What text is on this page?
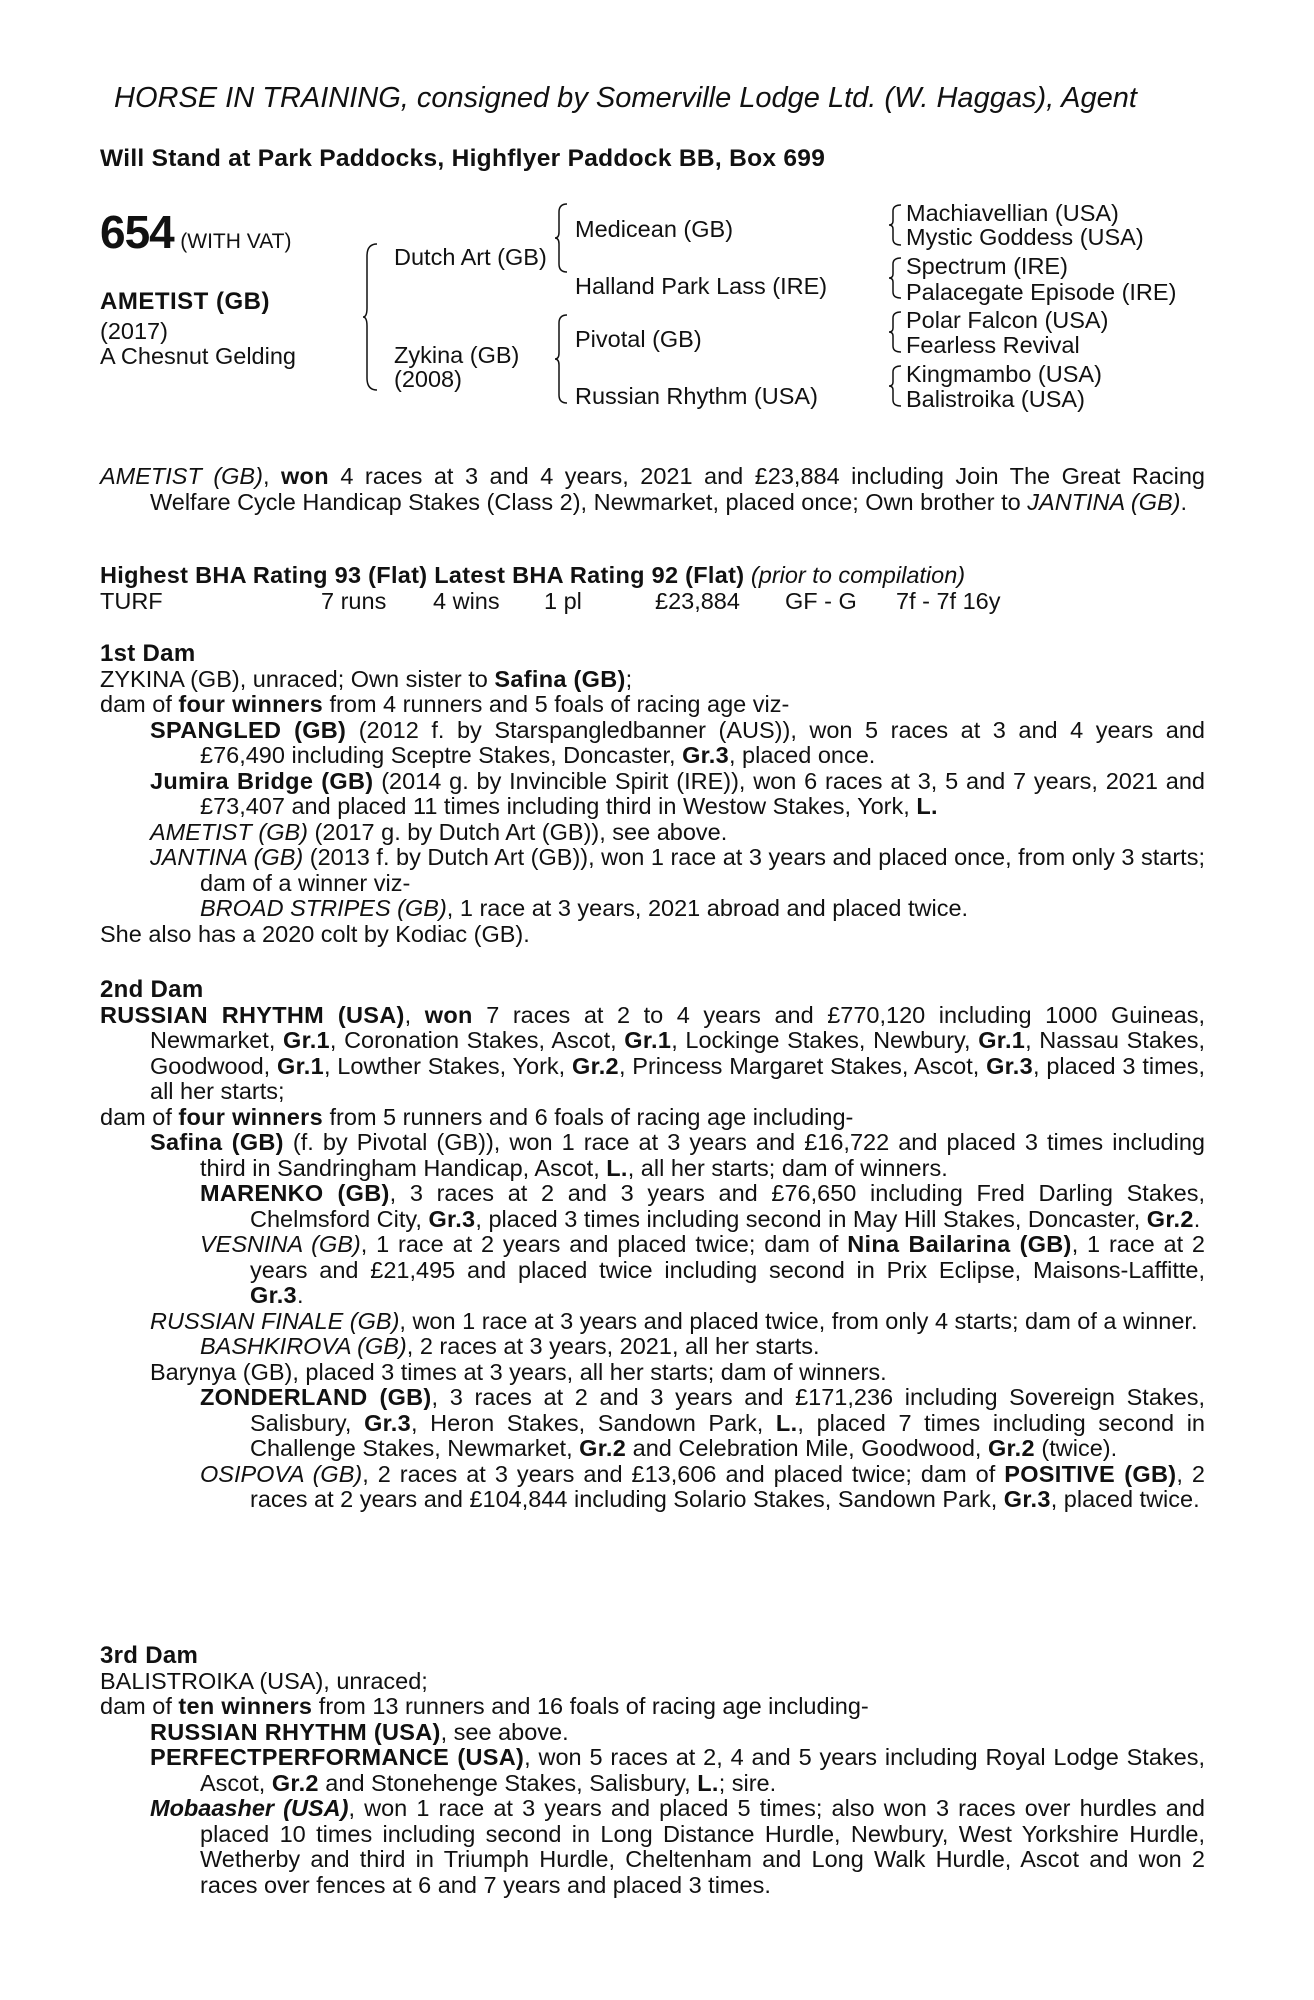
HORSE IN TRAINING, consigned by Somerville Lodge Ltd. (W. Haggas), Agent
Will Stand at Park Paddocks, Highflyer Paddock BB, Box 699
654 (WITH VAT)
AMETIST (GB)
(2017)
A Chesnut Gelding
Dutch Art (GB)
Zykina (GB)
(2008)
Medicean (GB)
Halland Park Lass (IRE)
Pivotal (GB)
Russian Rhythm (USA)
Machiavellian (USA)
Mystic Goddess (USA)
Spectrum (IRE)
Palacegate Episode (IRE)
Polar Falcon (USA)
Fearless Revival
Kingmambo (USA)
Balistroika (USA)

AMETIST (GB), won 4 races at 3 and 4 years, 2021 and £23,884 including Join The Great Racing Welfare Cycle Handicap Stakes (Class 2), Newmarket, placed once; Own brother to JANTINA (GB).

Highest BHA Rating 93 (Flat) Latest BHA Rating 92 (Flat) (prior to compilation)

TURF	7 runs 4 wins 1 pl	£23,884 GF - G 7f - 7f 16y

1st Dam

ZYKINA (GB), unraced; Own sister to Safina (GB);

dam of four winners from 4 runners and 5 foals of racing age viz-

SPANGLED (GB) (2012 f. by Starspangledbanner (AUS)), won 5 races at 3 and 4 years and £76,490 including Sceptre Stakes, Doncaster, Gr.3, placed once.

Jumira Bridge (GB) (2014 g. by Invincible Spirit (IRE)), won 6 races at 3, 5 and 7 years, 2021 and £73,407 and placed 11 times including third in Westow Stakes, York, L.

AMETIST (GB) (2017 g. by Dutch Art (GB)), see above.

JANTINA (GB) (2013 f. by Dutch Art (GB)), won 1 race at 3 years and placed once, from only 3 starts; dam of a winner viz-

BROAD STRIPES (GB), 1 race at 3 years, 2021 abroad and placed twice.

She also has a 2020 colt by Kodiac (GB).

2nd Dam

RUSSIAN RHYTHM (USA), won 7 races at 2 to 4 years and £770,120 including 1000 Guineas, Newmarket, Gr.1, Coronation Stakes, Ascot, Gr.1, Lockinge Stakes, Newbury, Gr.1, Nassau Stakes, Goodwood, Gr.1, Lowther Stakes, York, Gr.2, Princess Margaret Stakes, Ascot, Gr.3, placed 3 times, all her starts;

dam of four winners from 5 runners and 6 foals of racing age including-

Safina (GB) (f. by Pivotal (GB)), won 1 race at 3 years and £16,722 and placed 3 times including third in Sandringham Handicap, Ascot, L., all her starts; dam of winners.

MARENKO (GB), 3 races at 2 and 3 years and £76,650 including Fred Darling Stakes, Chelmsford City, Gr.3, placed 3 times including second in May Hill Stakes, Doncaster, Gr.2.

VESNINA (GB), 1 race at 2 years and placed twice; dam of Nina Bailarina (GB), 1 race at 2 years and £21,495 and placed twice including second in Prix Eclipse, Maisons-Laffitte, Gr.3.

RUSSIAN FINALE (GB), won 1 race at 3 years and placed twice, from only 4 starts; dam of a winner.

BASHKIROVA (GB), 2 races at 3 years, 2021, all her starts.

Barynya (GB), placed 3 times at 3 years, all her starts; dam of winners.

ZONDERLAND (GB), 3 races at 2 and 3 years and £171,236 including Sovereign Stakes, Salisbury, Gr.3, Heron Stakes, Sandown Park, L., placed 7 times including second in Challenge Stakes, Newmarket, Gr.2 and Celebration Mile, Goodwood, Gr.2 (twice).

OSIPOVA (GB), 2 races at 3 years and £13,606 and placed twice; dam of POSITIVE (GB), 2 races at 2 years and £104,844 including Solario Stakes, Sandown Park, Gr.3, placed twice.

3rd Dam

BALISTROIKA (USA), unraced;

dam of ten winners from 13 runners and 16 foals of racing age including-

RUSSIAN RHYTHM (USA), see above.

PERFECTPERFORMANCE (USA), won 5 races at 2, 4 and 5 years including Royal Lodge Stakes, Ascot, Gr.2 and Stonehenge Stakes, Salisbury, L.; sire.

Mobaasher (USA), won 1 race at 3 years and placed 5 times; also won 3 races over hurdles and placed 10 times including second in Long Distance Hurdle, Newbury, West Yorkshire Hurdle, Wetherby and third in Triumph Hurdle, Cheltenham and Long Walk Hurdle, Ascot and won 2 races over fences at 6 and 7 years and placed 3 times.
